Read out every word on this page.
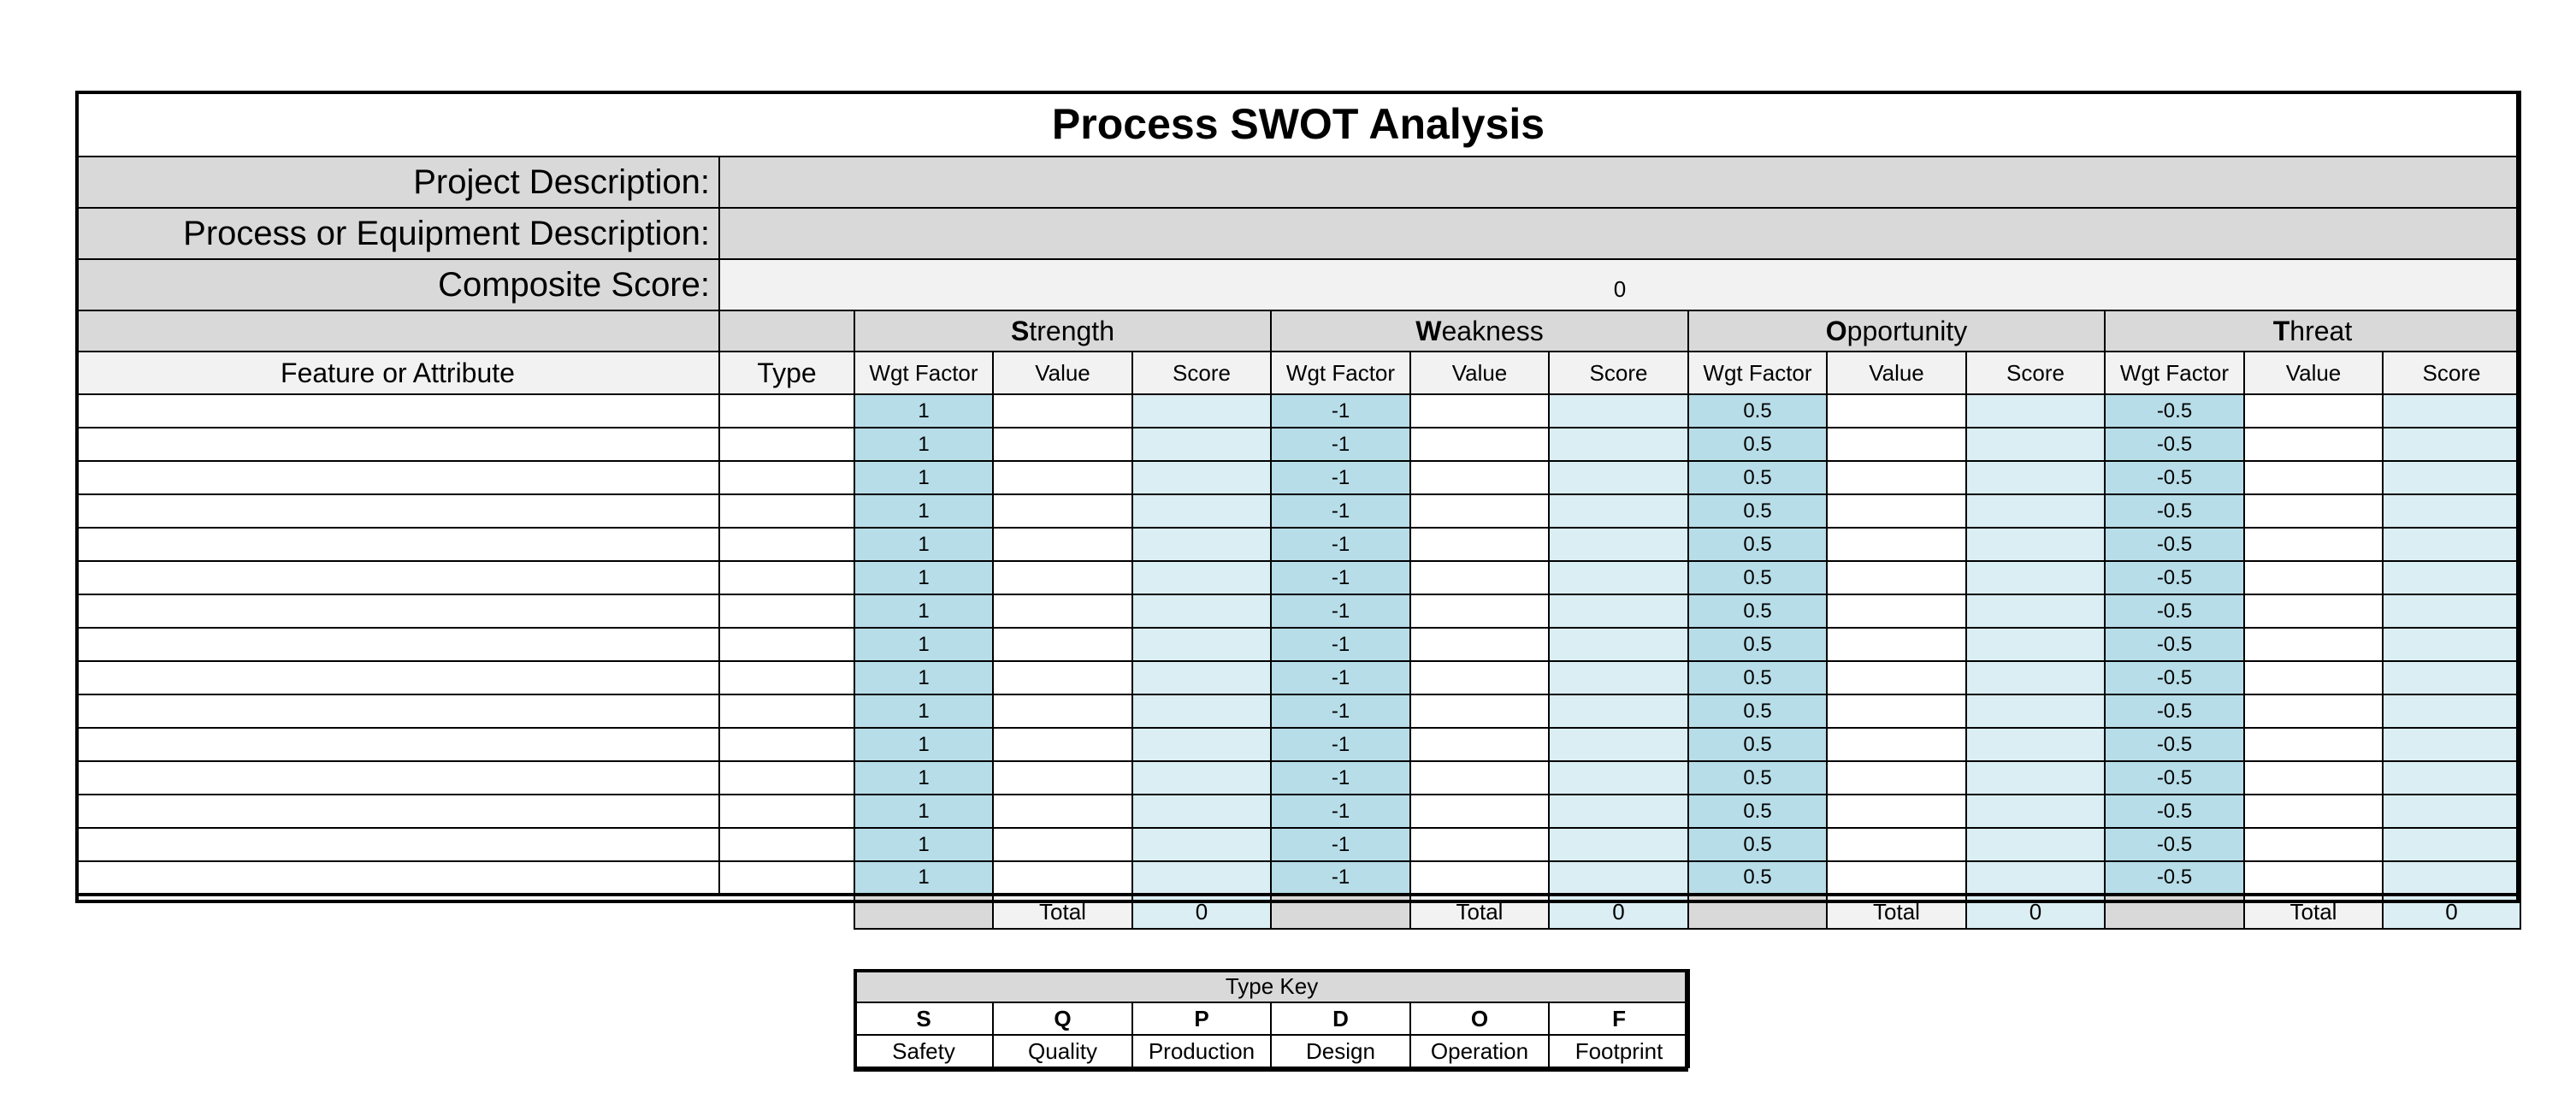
Process SWOT Analysis													
Project Description:													
Process or Equipment Description:													
Composite Score:	0												
		Strength			Weakness			Opportunity			Threat		
Feature or Attribute	Type	Wgt Factor	Value	Score	Wgt Factor	Value	Score	Wgt Factor	Value	Score	Wgt Factor	Value	Score
		1			-1			0.5			-0.5		
		1			-1			0.5			-0.5		
		1			-1			0.5			-0.5		
		1			-1			0.5			-0.5		
		1			-1			0.5			-0.5		
		1			-1			0.5			-0.5		
		1			-1			0.5			-0.5		
		1			-1			0.5			-0.5		
		1			-1			0.5			-0.5		
		1			-1			0.5			-0.5		
		1			-1			0.5			-0.5		
		1			-1			0.5			-0.5		
		1			-1			0.5			-0.5		
		1			-1			0.5			-0.5		
		1			-1			0.5			-0.5		
			Total	0		Total	0		Total	0		Total	0
Type Key					
S	Q	P	D	O	F
Safety	Quality	Production	Design	Operation	Footprint
